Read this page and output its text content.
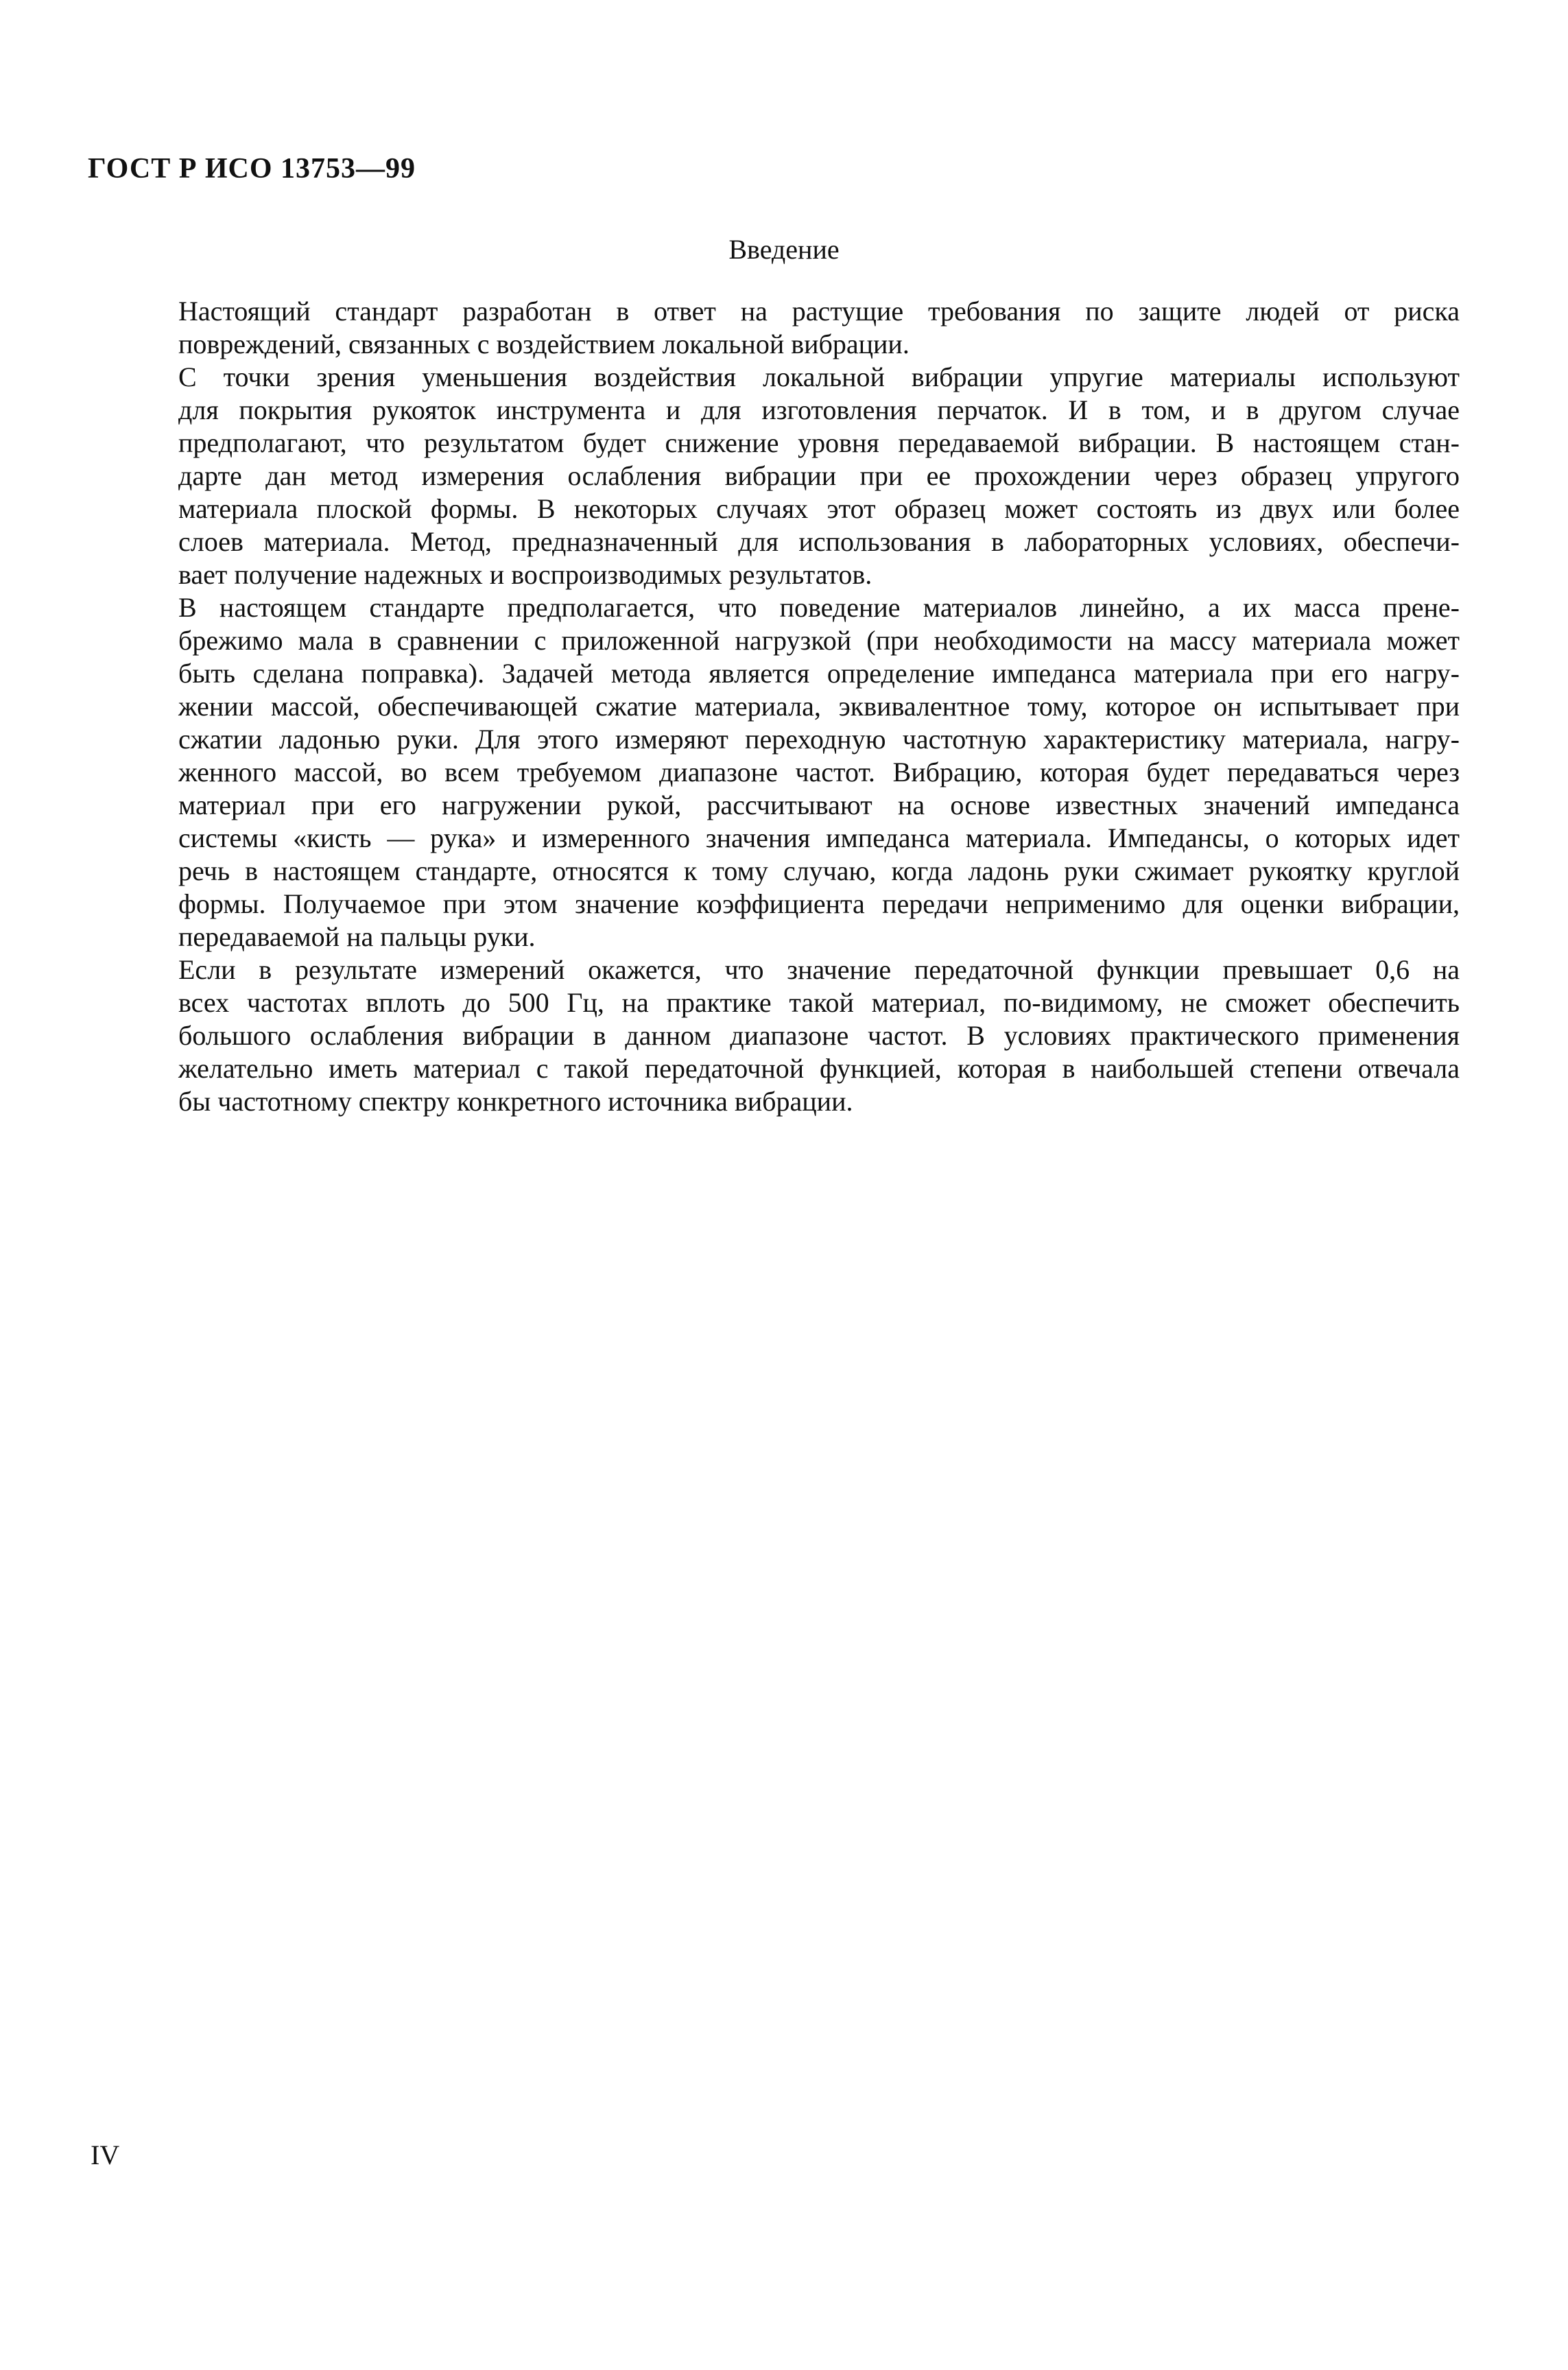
ГОСТ Р ИСО 13753—99
Введение

Настоящий стандарт разработан в ответ на растущие требования по защите людей от риска
повреждений, связанных с воздействием локальной вибрации.

С точки зрения уменьшения воздействия локальной вибрации упругие материалы используют
для покрытия рукояток инструмента и для изготовления перчаток. И в том, и в другом случае
предполагают, что результатом будет снижение уровня передаваемой вибрации. В настоящем стан-
дарте дан метод измерения ослабления вибрации при ее прохождении через образец упругого
материала плоской формы. В некоторых случаях этот образец может состоять из двух или более
слоев материала. Метод, предназначенный для использования в лабораторных условиях, обеспечи-
вает получение надежных и воспроизводимых результатов.

В настоящем стандарте предполагается, что поведение материалов линейно, а их масса прене-
брежимо мала в сравнении с приложенной нагрузкой (при необходимости на массу материала может
быть сделана поправка). Задачей метода является определение импеданса материала при его нагру-
жении массой, обеспечивающей сжатие материала, эквивалентное тому, которое он испытывает при
сжатии ладонью руки. Для этого измеряют переходную частотную характеристику материала, нагру-
женного массой, во всем требуемом диапазоне частот. Вибрацию, которая будет передаваться через
материал при его нагружении рукой, рассчитывают на основе известных значений импеданса
системы «кисть — рука» и измеренного значения импеданса материала. Импедансы, о которых идет
речь в настоящем стандарте, относятся к тому случаю, когда ладонь руки сжимает рукоятку круглой
формы. Получаемое при этом значение коэффициента передачи неприменимо для оценки вибрации,
передаваемой на пальцы руки.

Если в результате измерений окажется, что значение передаточной функции превышает 0,6 на
всех частотах вплоть до 500 Гц, на практике такой материал, по-видимому, не сможет обеспечить
большого ослабления вибрации в данном диапазоне частот. В условиях практического применения
желательно иметь материал с такой передаточной функцией, которая в наибольшей степени отвечала
бы частотному спектру конкретного источника вибрации.

IV
